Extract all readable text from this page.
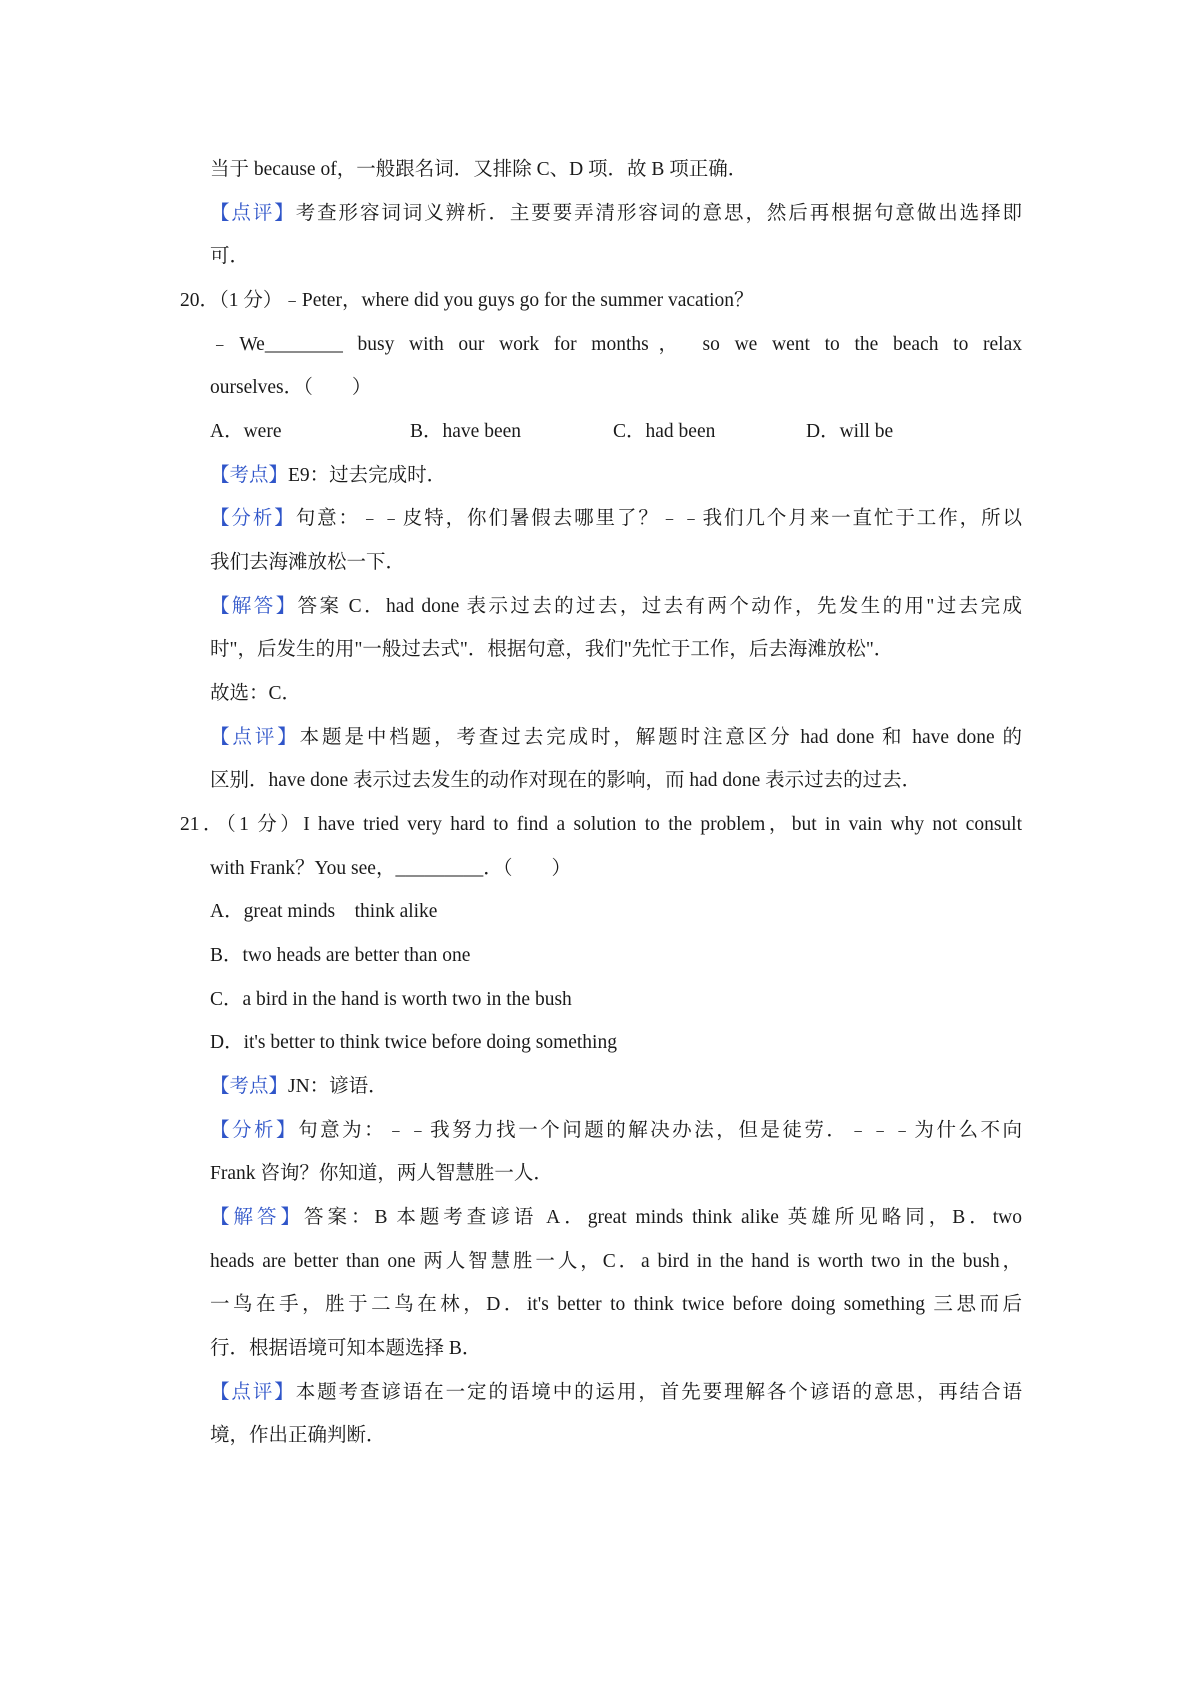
当于 because of，一般跟名词．又排除 C、D 项．故 B 项正确．
【点评】考查形容词词义辨析．主要要弄清形容词的意思，然后再根据句意做出选择即
可．
20．（1 分）﹣Peter，where did you guys go for the summer vacation？
﹣We________ busy with our work for months， so we went to the beach to relax
ourselves．（　　）
A．were	B．have been	C．had been	D．will be
【考点】E9：过去完成时．
【分析】句意：﹣﹣皮特，你们暑假去哪里了？﹣﹣我们几个月来一直忙于工作，所以
我们去海滩放松一下．
【解答】答案 C．had done 表示过去的过去，过去有两个动作，先发生的用"过去完成
时"，后发生的用"一般过去式"．根据句意，我们"先忙于工作，后去海滩放松"．
故选：C．
【点评】本题是中档题，考查过去完成时，解题时注意区分 had done 和 have done 的
区别．have done 表示过去发生的动作对现在的影响，而 had done 表示过去的过去．
21．（1 分）I have tried very hard to find a solution to the problem，but in vain why not consult
with Frank？You see，_________．（　　）
A．great minds　think alike
B．two heads are better than one
C．a bird in the hand is worth two in the bush
D．it's better to think twice before doing something
【考点】JN：谚语．
【分析】句意为：﹣﹣我努力找一个问题的解决办法，但是徒劳．﹣﹣﹣为什么不向
Frank 咨询？你知道，两人智慧胜一人．
【解答】答案：B 本题考查谚语 A．great minds think alike 英雄所见略同，B．two
heads are better than one 两人智慧胜一人，C．a bird in the hand is worth two in the bush，
一鸟在手，胜于二鸟在林，D．it's better to think twice before doing something 三思而后
行．根据语境可知本题选择 B．
【点评】本题考查谚语在一定的语境中的运用，首先要理解各个谚语的意思，再结合语
境，作出正确判断．
